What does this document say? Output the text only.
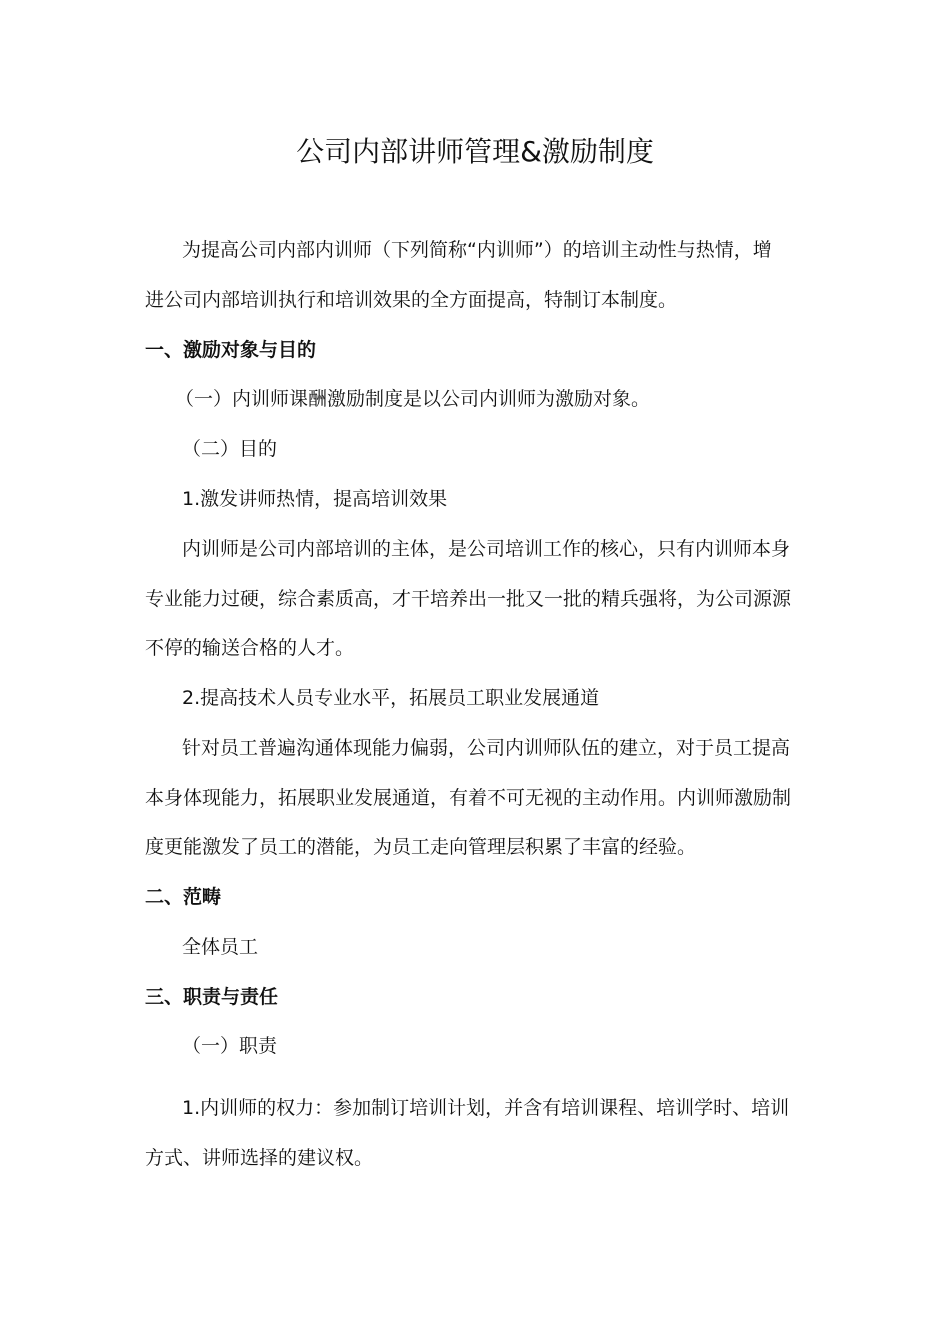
公司内部讲师管理&激励制度
为提高公司内部内训师（下列简称“内训师”）的培训主动性与热情，增
进公司内部培训执行和培训效果的全方面提高，特制订本制度。
一、激励对象与目的
（一）内训师课酬激励制度是以公司内训师为激励对象。
（二）目的
1.激发讲师热情，提高培训效果
内训师是公司内部培训的主体，是公司培训工作的核心，只有内训师本身
专业能力过硬，综合素质高，才干培养出一批又一批的精兵强将，为公司源源
不停的输送合格的人才。
2.提高技术人员专业水平，拓展员工职业发展通道
针对员工普遍沟通体现能力偏弱，公司内训师队伍的建立，对于员工提高
本身体现能力，拓展职业发展通道，有着不可无视的主动作用。内训师激励制
度更能激发了员工的潜能，为员工走向管理层积累了丰富的经验。
二、范畴
全体员工
三、职责与责任
（一）职责
1.内训师的权力：参加制订培训计划，并含有培训课程、培训学时、培训
方式、讲师选择的建议权。
